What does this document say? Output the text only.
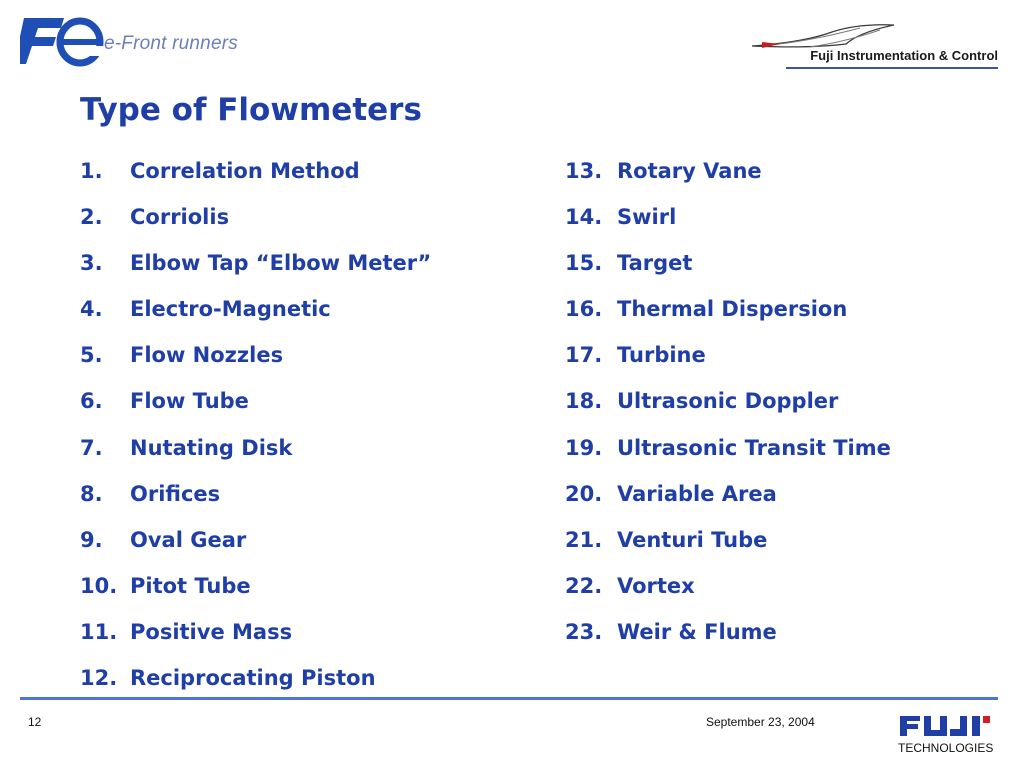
e-Front runners
Fuji Instrumentation & Control
Type of Flowmeters
1. Correlation Method
2. Corriolis
3. Elbow Tap “Elbow Meter”
4. Electro-Magnetic
5. Flow Nozzles
6. Flow Tube
7. Nutating Disk
8. Orifices
9. Oval Gear
10. Pitot Tube
11. Positive Mass
12. Reciprocating Piston
13. Rotary Vane
14. Swirl
15. Target
16. Thermal Dispersion
17. Turbine
18. Ultrasonic Doppler
19. Ultrasonic Transit Time
20. Variable Area
21. Venturi Tube
22. Vortex
23. Weir & Flume
12	September 23, 2004
TECHNOLOGIES
